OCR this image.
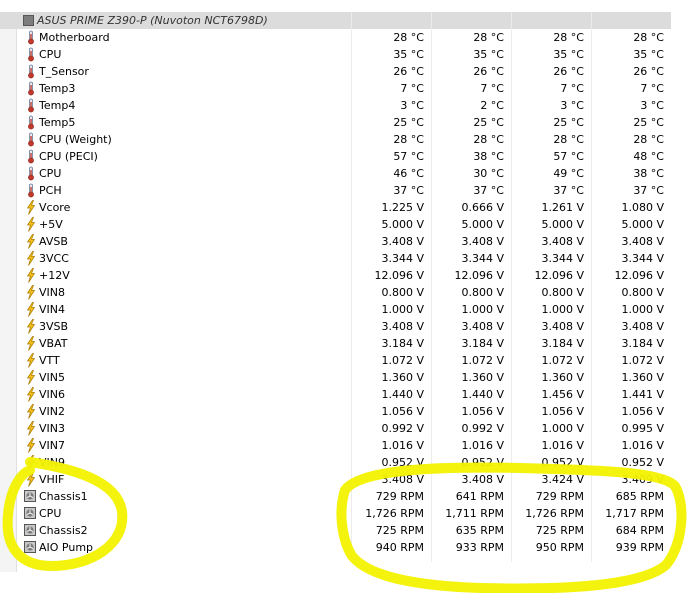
ASUS PRIME Z390-P (Nuvoton NCT6798D)
Motherboard	28 °C	28 °C	28 °C	28 °C
CPU	35 °C	35 °C	35 °C	35 °C
T_Sensor	26 °C	26 °C	26 °C	26 °C
Temp3	7 °C	7 °C	7 °C	7 °C
Temp4	3 °C	2 °C	3 °C	3 °C
Temp5	25 °C	25 °C	25 °C	25 °C
CPU (Weight)	28 °C	28 °C	28 °C	28 °C
CPU (PECI)	57 °C	38 °C	57 °C	48 °C
CPU	46 °C	30 °C	49 °C	38 °C
PCH	37 °C	37 °C	37 °C	37 °C
Vcore	1.225 V	0.666 V	1.261 V	1.080 V
+5V	5.000 V	5.000 V	5.000 V	5.000 V
AVSB	3.408 V	3.408 V	3.408 V	3.408 V
3VCC	3.344 V	3.344 V	3.344 V	3.344 V
+12V	12.096 V	12.096 V	12.096 V	12.096 V
VIN8	0.800 V	0.800 V	0.800 V	0.800 V
VIN4	1.000 V	1.000 V	1.000 V	1.000 V
3VSB	3.408 V	3.408 V	3.408 V	3.408 V
VBAT	3.184 V	3.184 V	3.184 V	3.184 V
VTT	1.072 V	1.072 V	1.072 V	1.072 V
VIN5	1.360 V	1.360 V	1.360 V	1.360 V
VIN6	1.440 V	1.440 V	1.456 V	1.441 V
VIN2	1.056 V	1.056 V	1.056 V	1.056 V
VIN3	0.992 V	0.992 V	1.000 V	0.995 V
VIN7	1.016 V	1.016 V	1.016 V	1.016 V
VIN9	0.952 V	0.952 V	0.952 V	0.952 V
VHIF	3.408 V	3.408 V	3.424 V	3.409 V
Chassis1	729 RPM	641 RPM	729 RPM	685 RPM
CPU	1,726 RPM 1,711 RPM 1,726 RPM 1,717 RPM
Chassis2	725 RPM	635 RPM	725 RPM	684 RPM
AIO Pump	940 RPM	933 RPM	950 RPM	939 RPM
